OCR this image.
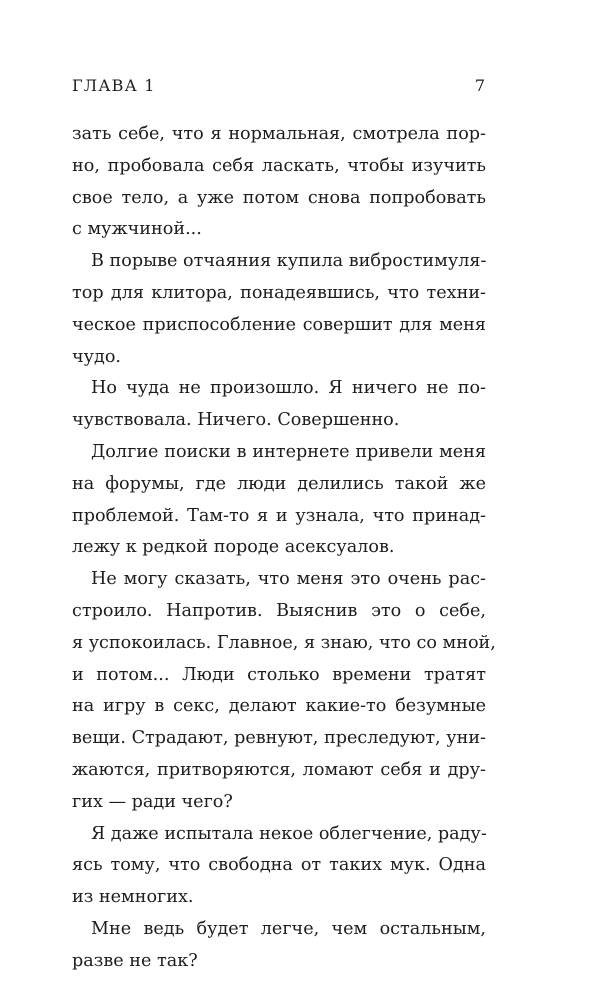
ГЛАВА 1	7

зать себе, что я нормальная, смотрела пор-
но, пробовала себя ласкать, чтобы изучить
свое тело, а уже потом снова попробовать
с мужчиной...

В порыве отчаяния купила вибростимуля-
тор для клитора, понадеявшись, что техни-
ческое приспособление совершит для меня
чудо.

Но чуда не произошло. Я ничего не по-
чувствовала. Ничего. Совершенно.

Долгие поиски в интернете привели меня
на форумы, где люди делились такой же
проблемой. Там-то я и узнала, что принад-
лежу к редкой породе асексуалов.

Не могу сказать, что меня это очень рас-
строило. Напротив. Выяснив это о себе,
я успокоилась. Главное, я знаю, что со мной,
и потом... Люди столько времени тратят
на игру в секс, делают какие-то безумные
вещи. Страдают, ревнуют, преследуют, уни-
жаются, притворяются, ломают себя и дру-
гих — ради чего?

Я даже испытала некое облегчение, раду-
ясь тому, что свободна от таких мук. Одна
из немногих.

Мне ведь будет легче, чем остальным,
разве не так?
